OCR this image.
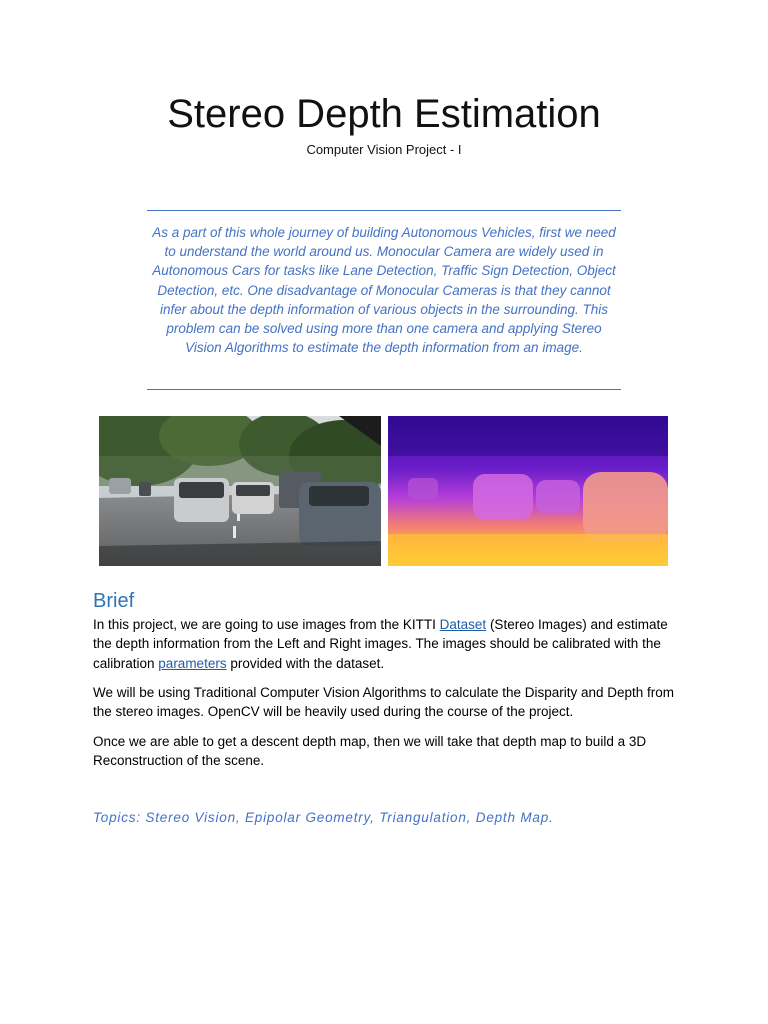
Stereo Depth Estimation
Computer Vision Project - I
As a part of this whole journey of building Autonomous Vehicles, first we need to understand the world around us. Monocular Camera are widely used in Autonomous Cars for tasks like Lane Detection, Traffic Sign Detection, Object Detection, etc. One disadvantage of Monocular Cameras is that they cannot infer about the depth information of various objects in the surrounding. This problem can be solved using more than one camera and applying Stereo Vision Algorithms to estimate the depth information from an image.
Brief
In this project, we are going to use images from the KITTI Dataset (Stereo Images) and estimate the depth information from the Left and Right images. The images should be calibrated with the calibration parameters provided with the dataset.
We will be using Traditional Computer Vision Algorithms to calculate the Disparity and Depth from the stereo images. OpenCV will be heavily used during the course of the project.
Once we are able to get a descent depth map, then we will take that depth map to build a 3D Reconstruction of the scene.
Topics: Stereo Vision, Epipolar Geometry, Triangulation, Depth Map.
